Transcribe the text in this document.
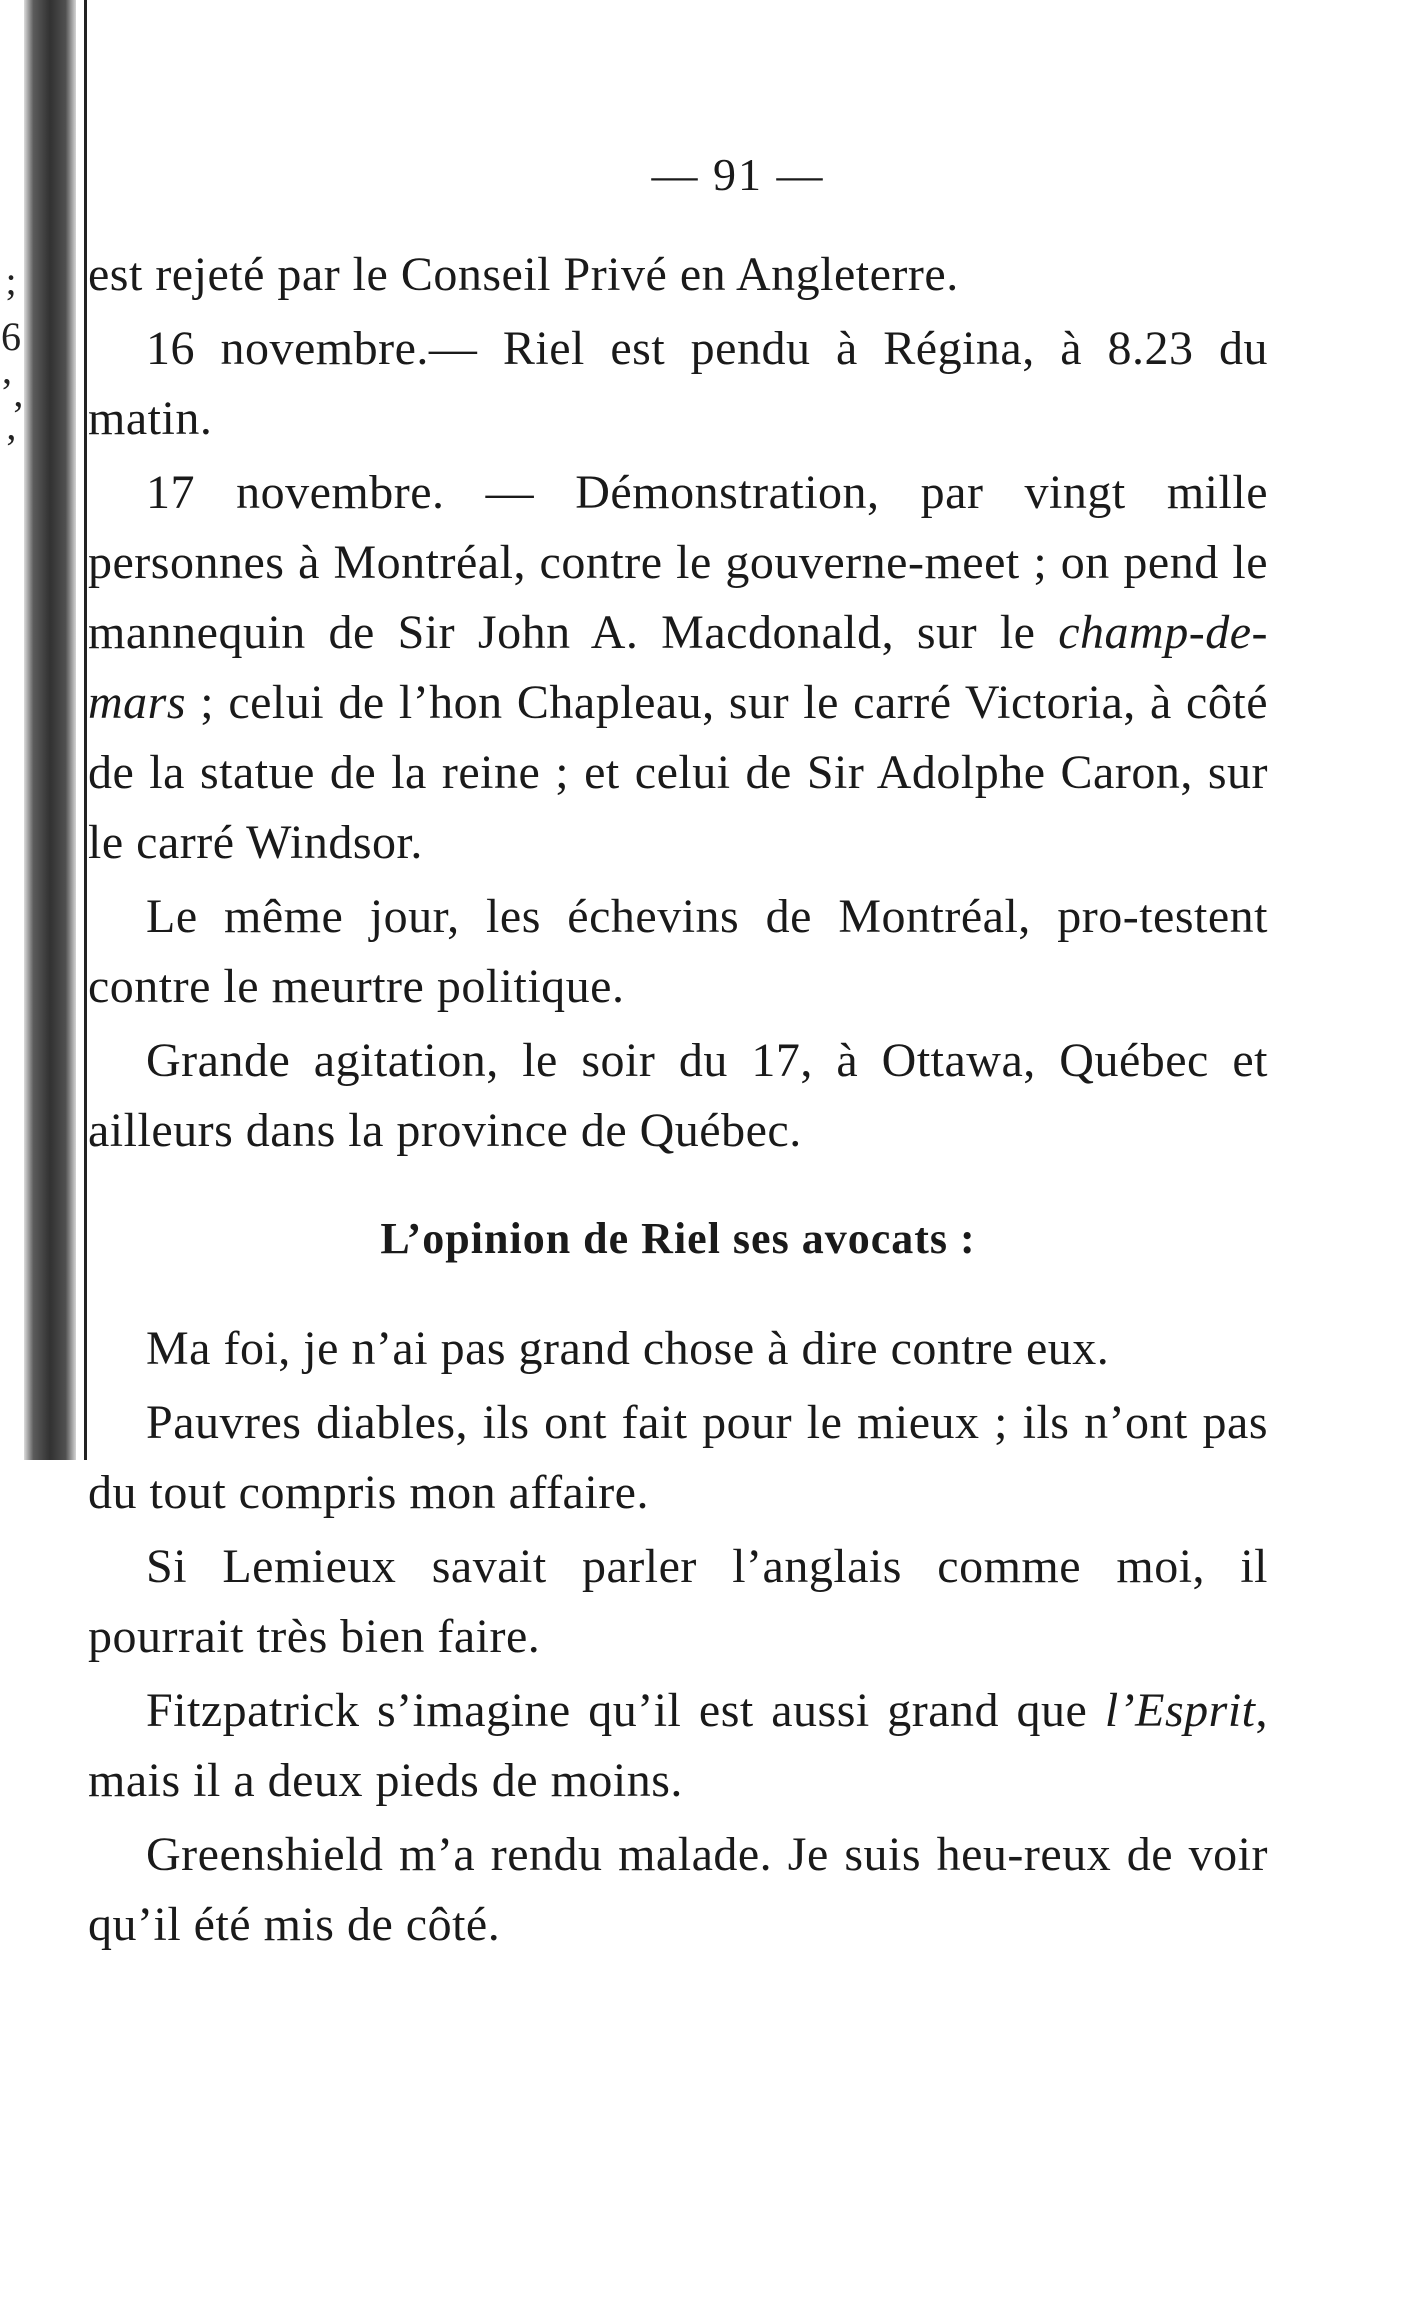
;
6
ʼ,
ʼ
— 91 —

est rejeté par le Conseil Privé en Angleterre.

16 novembre.— Riel est pendu à Régina, à 8.23 du matin.

17 novembre. — Démonstration, par vingt mille personnes à Montréal, contre le gouverne-meet ; on pend le mannequin de Sir John A. Macdonald, sur le champ-de-mars ; celui de l’hon Chapleau, sur le carré Victoria, à côté de la statue de la reine ; et celui de Sir Adolphe Caron, sur le carré Windsor.

Le même jour, les échevins de Montréal, pro-testent contre le meurtre politique.

Grande agitation, le soir du 17, à Ottawa, Québec et ailleurs dans la province de Québec.

L’opinion de Riel ses avocats :

Ma foi, je n’ai pas grand chose à dire contre eux.

Pauvres diables, ils ont fait pour le mieux ; ils n’ont pas du tout compris mon affaire.

Si Lemieux savait parler l’anglais comme moi, il pourrait très bien faire.

Fitzpatrick s’imagine qu’il est aussi grand que l’Esprit, mais il a deux pieds de moins.

Greenshield m’a rendu malade. Je suis heu-reux de voir qu’il été mis de côté.
